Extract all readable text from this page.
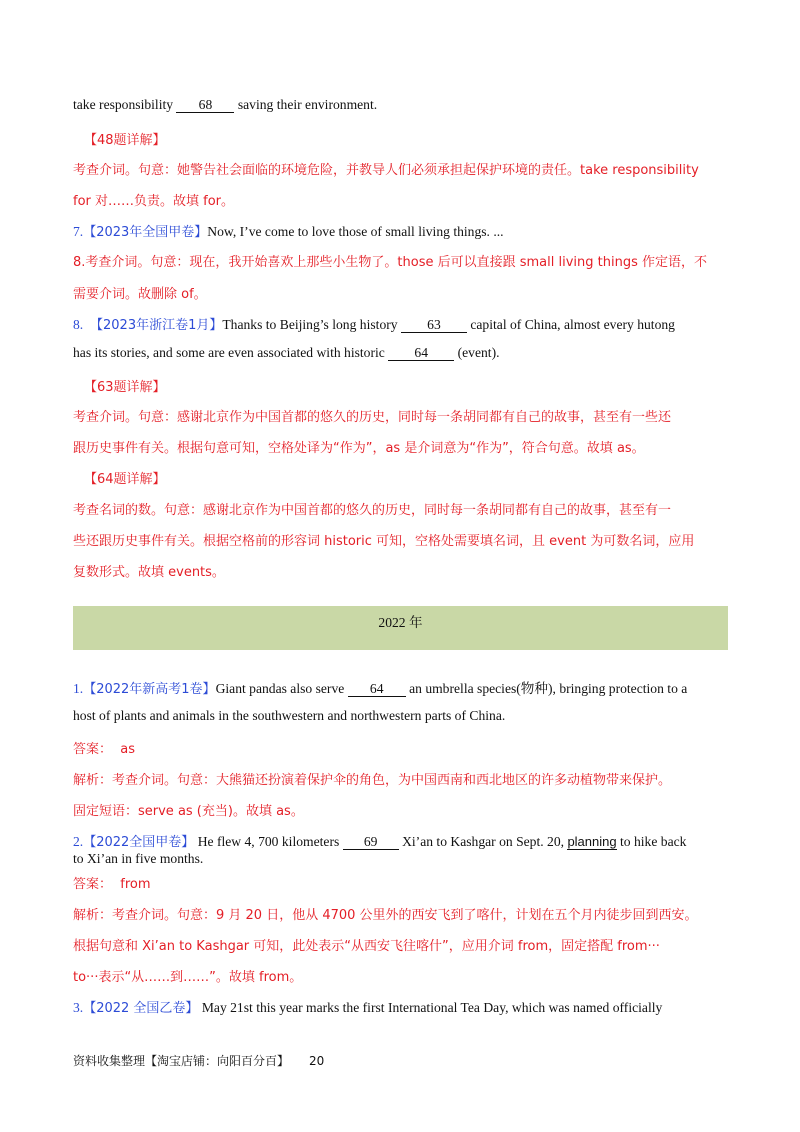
take responsibility 68 saving their environment.
【48题详解】
考查介词。句意：她警告社会面临的环境危险，并教导人们必须承担起保护环境的责任。take responsibility
for 对……负责。故填 for。
7.【2023年全国甲卷】Now, I’ve come to love those of small living things. ...
8.考查介词。句意：现在，我开始喜欢上那些小生物了。those 后可以直接跟 small living things 作定语，不
需要介词。故删除 of。
8. 【2023年浙江卷1月】Thanks to Beijing’s long history 63 capital of China, almost every hutong
has its stories, and some are even associated with historic 64 (event).
【63题详解】
考查介词。句意：感谢北京作为中国首都的悠久的历史，同时每一条胡同都有自己的故事，甚至有一些还
跟历史事件有关。根据句意可知，空格处译为“作为”，as 是介词意为“作为”，符合句意。故填 as。
【64题详解】
考查名词的数。句意：感谢北京作为中国首都的悠久的历史，同时每一条胡同都有自己的故事，甚至有一
些还跟历史事件有关。根据空格前的形容词 historic 可知，空格处需要填名词，且 event 为可数名词，应用
复数形式。故填 events。
2022 年
1.【2022年新高考1卷】Giant pandas also serve 64 an umbrella species(物种), bringing protection to a
host of plants and animals in the southwestern and northwestern parts of China.
答案： as
解析：考查介词。句意：大熊猫还扮演着保护伞的角色，为中国西南和西北地区的许多动植物带来保护。
固定短语：serve as (充当)。故填 as。
2.【2022全国甲卷】 He flew 4, 700 kilometers 69 Xi’an to Kashgar on Sept. 20, planning to hike back
to Xi’an in five months.
答案： from
解析：考查介词。句意：9 月 20 日，他从 4700 公里外的西安飞到了喀什，计划在五个月内徒步回到西安。
根据句意和 Xi’an to Kashgar 可知，此处表示“从西安飞往喀什”，应用介词 from，固定搭配 from···
to···表示“从……到……”。故填 from。
3.【2022 全国乙卷】 May 21st this year marks the first International Tea Day, which was named officially
资料收集整理【淘宝店铺：向阳百分百】 20
